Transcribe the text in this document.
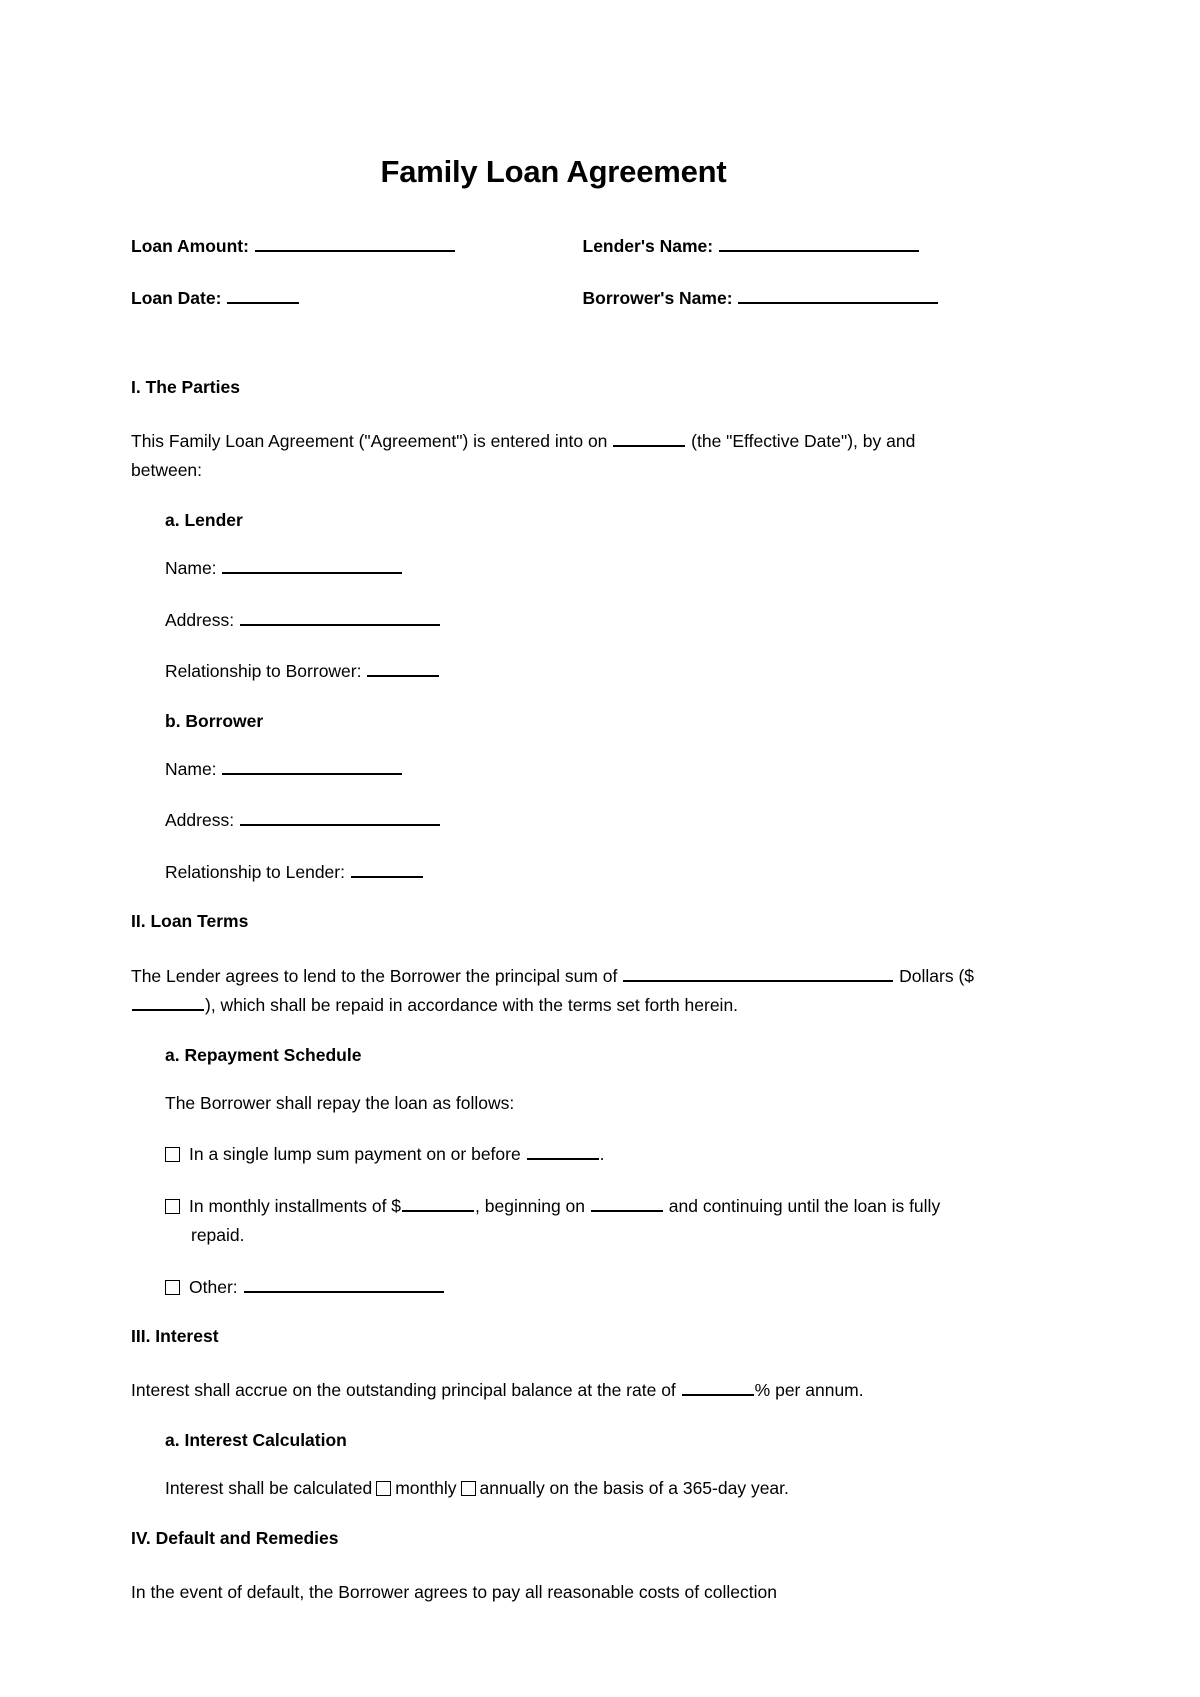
Family Loan Agreement
Loan Amount:
Loan Date:
Lender's Name:
Borrower's Name:
I. The Parties

This Family Loan Agreement ("Agreement") is entered into on	(the "Effective Date"), by and between:

a. Lender

Name:

Address:

Relationship to Borrower:

b. Borrower

Name:

Address:

Relationship to Lender:

II. Loan Terms

The Lender agrees to lend to the Borrower the principal sum of	Dollars ($), which shall be repaid in accordance with the terms set forth herein.

a. Repayment Schedule

The Borrower shall repay the loan as follows:

In a single lump sum payment on or before	.

In monthly installments of $	, beginning on	and continuing until the loan is fully repaid.

Other:

III. Interest

Interest shall accrue on the outstanding principal balance at the rate of	% per annum.

a. Interest Calculation

Interest shall be calculated monthly annually on the basis of a 365-day year.

IV. Default and Remedies

In the event of default, the Borrower agrees to pay all reasonable costs of collection
